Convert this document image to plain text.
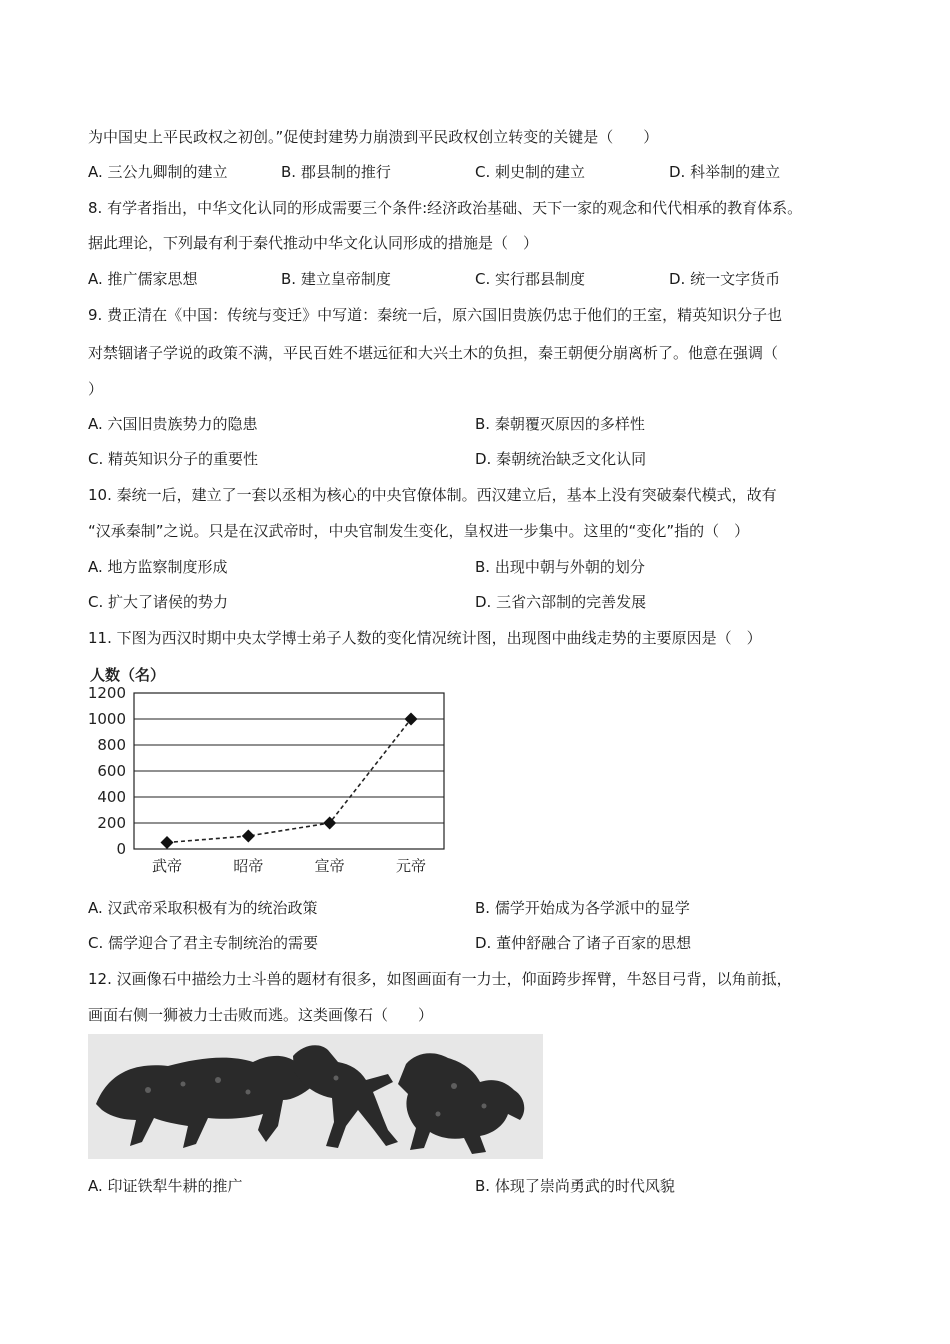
为中国史上平民政权之初创。”促使封建势力崩溃到平民政权创立转变的关键是（　　）
A. 三公九卿制的建立	B. 郡县制的推行	C. 刺史制的建立	D. 科举制的建立
8. 有学者指出，中华文化认同的形成需要三个条件:经济政治基础、天下一家的观念和代代相承的教育体系。
据此理论，下列最有利于秦代推动中华文化认同形成的措施是（　）
A. 推广儒家思想	B. 建立皇帝制度	C. 实行郡县制度	D. 统一文字货币
9. 费正清在《中国：传统与变迁》中写道：秦统一后，原六国旧贵族仍忠于他们的王室，精英知识分子也
对禁锢诸子学说的政策不满，平民百姓不堪远征和大兴土木的负担，秦王朝便分崩离析了。他意在强调（
）
A. 六国旧贵族势力的隐患	B. 秦朝覆灭原因的多样性
C. 精英知识分子的重要性	D. 秦朝统治缺乏文化认同
10. 秦统一后，建立了一套以丞相为核心的中央官僚体制。西汉建立后，基本上没有突破秦代模式，故有
“汉承秦制”之说。只是在汉武帝时，中央官制发生变化，皇权进一步集中。这里的“变化”指的（　）
A. 地方监察制度形成	B. 出现中朝与外朝的划分
C. 扩大了诸侯的势力	D. 三省六部制的完善发展
11. 下图为西汉时期中央太学博士弟子人数的变化情况统计图，出现图中曲线走势的主要原因是（　）
人数（名）
0
200
400
600
800
1000
1200
武帝	昭帝	宣帝	元帝
A. 汉武帝采取积极有为的统治政策	B. 儒学开始成为各学派中的显学
C. 儒学迎合了君主专制统治的需要	D. 董仲舒融合了诸子百家的思想
12. 汉画像石中描绘力士斗兽的题材有很多，如图画面有一力士，仰面跨步挥臂，牛怒目弓背，以角前抵，
画面右侧一狮被力士击败而逃。这类画像石（　　）
A. 印证铁犁牛耕的推广	B. 体现了崇尚勇武的时代风貌
